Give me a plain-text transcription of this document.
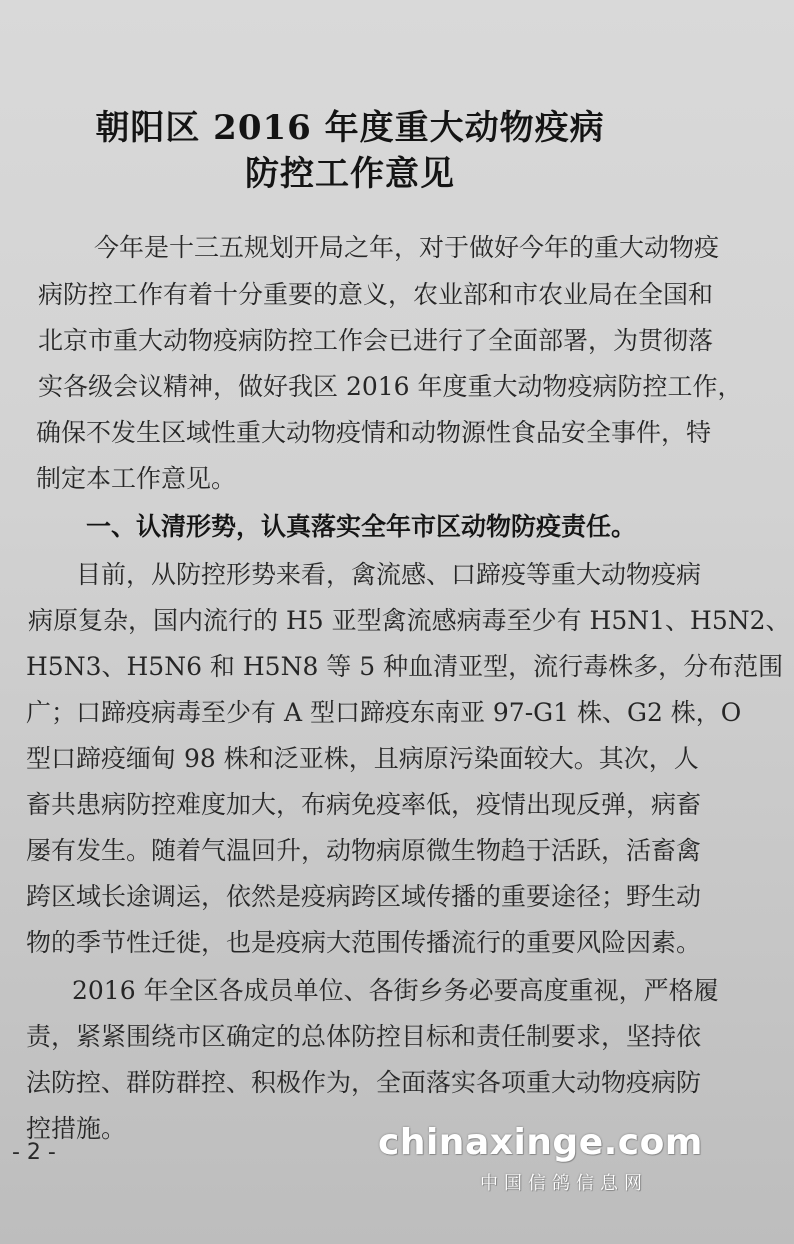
朝阳区 2016 年度重大动物疫病
防控工作意见
今年是十三五规划开局之年，对于做好今年的重大动物疫
病防控工作有着十分重要的意义，农业部和市农业局在全国和
北京市重大动物疫病防控工作会已进行了全面部署，为贯彻落
实各级会议精神，做好我区 2016 年度重大动物疫病防控工作，
确保不发生区域性重大动物疫情和动物源性食品安全事件，特
制定本工作意见。
一、认清形势，认真落实全年市区动物防疫责任。
目前，从防控形势来看，禽流感、口蹄疫等重大动物疫病
病原复杂，国内流行的 H5 亚型禽流感病毒至少有 H5N1、H5N2、
H5N3、H5N6 和 H5N8 等 5 种血清亚型，流行毒株多，分布范围
广；口蹄疫病毒至少有 A 型口蹄疫东南亚 97-G1 株、G2 株，O
型口蹄疫缅甸 98 株和泛亚株，且病原污染面较大。其次，人
畜共患病防控难度加大，布病免疫率低，疫情出现反弹，病畜
屡有发生。随着气温回升，动物病原微生物趋于活跃，活畜禽
跨区域长途调运，依然是疫病跨区域传播的重要途径；野生动
物的季节性迁徙，也是疫病大范围传播流行的重要风险因素。
2016 年全区各成员单位、各街乡务必要高度重视，严格履
责，紧紧围绕市区确定的总体防控目标和责任制要求，坚持依
法防控、群防群控、积极作为，全面落实各项重大动物疫病防
控措施。
- 2 -	chinaxinge.com
中国信鸽信息网
